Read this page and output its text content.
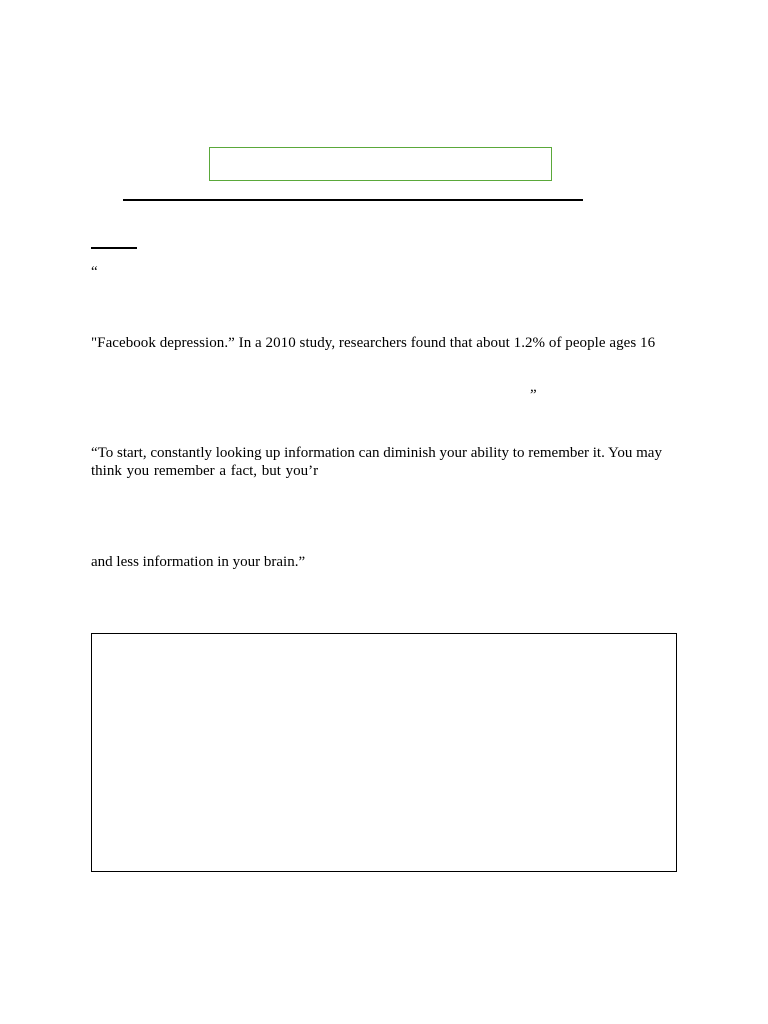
“
"Facebook depression.” In a 2010 study, researchers found that about 1.2% of people ages 16
”
“To start, constantly looking up information can diminish your ability to remember it. You may
think you remember a fact, but you’r
and less information in your brain.”
